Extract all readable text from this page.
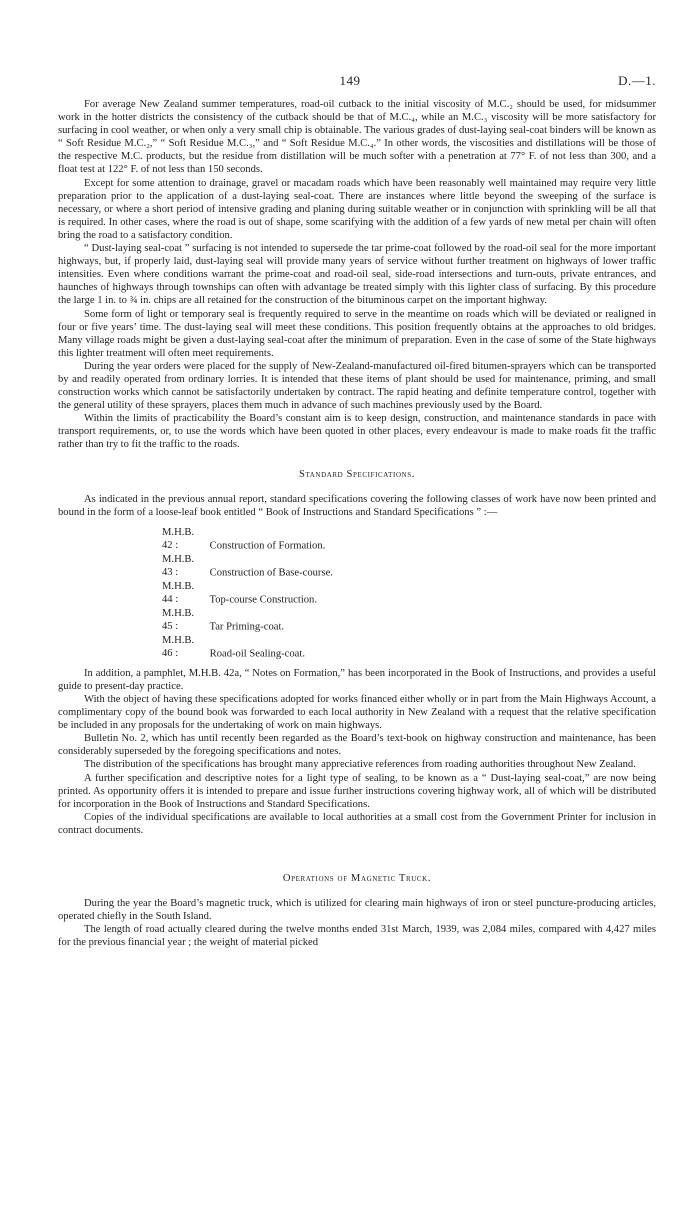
149	D.—1.

For average New Zealand summer temperatures, road-oil cutback to the initial viscosity of M.C.₂ should be used, for midsummer work in the hotter districts the consistency of the cutback should be that of M.C.₄, while an M.C.₃ viscosity will be more satisfactory for surfacing in cool weather, or when only a very small chip is obtainable. The various grades of dust-laying seal-coat binders will be known as “ Soft Residue M.C.₂,” “ Soft Residue M.C.₃,” and “ Soft Residue M.C.₄.” In other words, the viscosities and distillations will be those of the respective M.C. products, but the residue from distillation will be much softer with a penetration at 77° F. of not less than 300, and a float test at 122° F. of not less than 150 seconds.

Except for some attention to drainage, gravel or macadam roads which have been reasonably well maintained may require very little preparation prior to the application of a dust-laying seal-coat. There are instances where little beyond the sweeping of the surface is necessary, or where a short period of intensive grading and planing during suitable weather or in conjunction with sprinkling will be all that is required. In other cases, where the road is out of shape, some scarifying with the addition of a few yards of new metal per chain will often bring the road to a satisfactory condition.

“ Dust-laying seal-coat ” surfacing is not intended to supersede the tar prime-coat followed by the road-oil seal for the more important highways, but, if properly laid, dust-laying seal will provide many years of service without further treatment on highways of lower traffic intensities. Even where conditions warrant the prime-coat and road-oil seal, side-road intersections and turn-outs, private entrances, and haunches of highways through townships can often with advantage be treated simply with this lighter class of surfacing. By this procedure the large 1 in. to ¾ in. chips are all retained for the construction of the bituminous carpet on the important highway.

Some form of light or temporary seal is frequently required to serve in the meantime on roads which will be deviated or realigned in four or five years’ time. The dust-laying seal will meet these conditions. This position frequently obtains at the approaches to old bridges. Many village roads might be given a dust-laying seal-coat after the minimum of preparation. Even in the case of some of the State highways this lighter treatment will often meet requirements.

During the year orders were placed for the supply of New-Zealand-manufactured oil-fired bitumen-sprayers which can be transported by and readily operated from ordinary lorries. It is intended that these items of plant should be used for maintenance, priming, and small construction works which cannot be satisfactorily undertaken by contract. The rapid heating and definite temperature control, together with the general utility of these sprayers, places them much in advance of such machines previously used by the Board.

Within the limits of practicability the Board’s constant aim is to keep design, construction, and maintenance standards in pace with transport requirements, or, to use the words which have been quoted in other places, every endeavour is made to make roads fit the traffic rather than try to fit the traffic to the roads.

Standard Specifications.

As indicated in the previous annual report, standard specifications covering the following classes of work have now been printed and bound in the form of a loose-leaf book entitled “ Book of Instructions and Standard Specifications ” :—

M.H.B. 42 :	Construction of Formation.
M.H.B. 43 :	Construction of Base-course.
M.H.B. 44 :	Top-course Construction.
M.H.B. 45 :	Tar Priming-coat.
M.H.B. 46 :	Road-oil Sealing-coat.

In addition, a pamphlet, M.H.B. 42a, “ Notes on Formation,” has been incorporated in the Book of Instructions, and provides a useful guide to present-day practice.

With the object of having these specifications adopted for works financed either wholly or in part from the Main Highways Account, a complimentary copy of the bound book was forwarded to each local authority in New Zealand with a request that the relative specification be included in any proposals for the undertaking of work on main highways.

Bulletin No. 2, which has until recently been regarded as the Board’s text-book on highway construction and maintenance, has been considerably superseded by the foregoing specifications and notes.

The distribution of the specifications has brought many appreciative references from roading authorities throughout New Zealand.

A further specification and descriptive notes for a light type of sealing, to be known as a “ Dust-laying seal-coat,” are now being printed. As opportunity offers it is intended to prepare and issue further instructions covering highway work, all of which will be distributed for incorporation in the Book of Instructions and Standard Specifications.

Copies of the individual specifications are available to local authorities at a small cost from the Government Printer for inclusion in contract documents.

Operations of Magnetic Truck.

During the year the Board’s magnetic truck, which is utilized for clearing main highways of iron or steel puncture-producing articles, operated chiefly in the South Island.

The length of road actually cleared during the twelve months ended 31st March, 1939, was 2,084 miles, compared with 4,427 miles for the previous financial year ; the weight of material picked
